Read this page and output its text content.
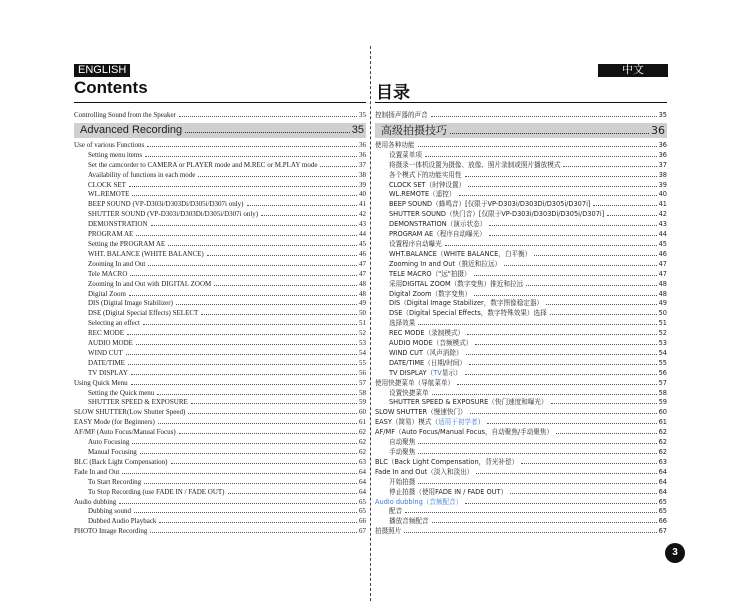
ENGLISH
Contents
Controlling Sound from the Speaker	35
Advanced Recording	35
Use of various Functions	36
Setting menu items	36
Set the camcorder to CAMERA or PLAYER mode and M.REC or M.PLAY mode	37
Availability of functions in each mode	38
CLOCK SET	39
WL.REMOTE	40
BEEP SOUND (VP-D303i/D303Di/D305i/D307i only)	41
SHUTTER SOUND (VP-D303i/D303Di/D305i/D307i only)	42
DEMONSTRATION	43
PROGRAM AE	44
Setting the PROGRAM AE	45
WHT. BALANCE (WHITE BALANCE)	46
Zooming In and Out	47
Tele MACRO	47
Zooming In and Out with DIGITAL ZOOM	48
Digital Zoom	48
DIS (Digital Image Stabilizer)	49
DSE (Digital Special Effects) SELECT	50
Selecting an effect	51
REC MODE	52
AUDIO MODE	53
WIND CUT	54
DATE/TIME	55
TV DISPLAY	56
Using Quick Menu	57
Setting the Quick menu	58
SHUTTER SPEED & EXPOSURE	59
SLOW SHUTTER(Low Shutter Speed)	60
EASY Mode (for Beginners)	61
AF/MF (Auto Focus/Manual Focus)	62
Auto Focusing	62
Manual Focusing	62
BLC (Back Light Compensation)	63
Fade In and Out	64
To Start Recording	64
To Stop Recording (use FADE IN / FADE OUT)	64
Audio dubbing	65
Dubbing sound	65
Dubbed Audio Playback	66
PHOTO Image Recording	67
中文
目录
控制扬声器的声音	35
高级拍摄技巧	36
使用各种功能	36
设置菜单项	36
将摄录一体机设置为摄像、放像、照片录制或照片播放模式	37
各个模式下的功能实用性	38
CLOCK SET（时钟设置）	39
WL.REMOTE（遥控）	40
BEEP SOUND（蜂鸣音）[仅限于VP-D303i/D303Di/D305i/D307i]	41
SHUTTER SOUND（快门音）[仅限于VP-D303i/D303Di/D305i/D307i]	42
DEMONSTRATION（演示状态）	43
PROGRAM AE（程序自动曝光）	44
设置程序自动曝光	45
WHT.BALANCE（WHITE BALANCE，白平衡）	46
Zooming In and Out（推近和拉远）	47
TELE MACRO（"远"拍摄）	47
采用DIGITAL ZOOM（数字变焦）推近和拉远	48
Digital Zoom（数字变焦）	48
DIS（Digital Image Stabilizer，数字图像稳定器）	49
DSE（Digital Special Effects，数字特殊效果）选择	50
选择效果	51
REC MODE（录制模式）	52
AUDIO MODE（音频模式）	53
WIND CUT（风声消除）	54
DATE/TIME（日期/时间）	55
TV DISPLAY（TV显示）	56
使用快捷菜单（导航菜单）	57
设置快捷菜单	58
SHUTTER SPEED & EXPOSURE（快门速度和曝光）	59
SLOW SHUTTER（慢速快门）	60
EASY（简易）模式（适用于初学者）	61
AF/MF（Auto Focus/Manual Focus，自动聚焦/手动聚焦）	62
自动聚焦	62
手动聚焦	62
BLC（Back Light Compensation，背光补偿）	63
Fade In and Out（淡入和淡出）	64
开始拍摄	64
停止拍摄（使用FADE IN / FADE OUT）	64
Audio dubbing（音频配音）	65
配音	65
播放音频配音	66
拍摄照片	67
3
